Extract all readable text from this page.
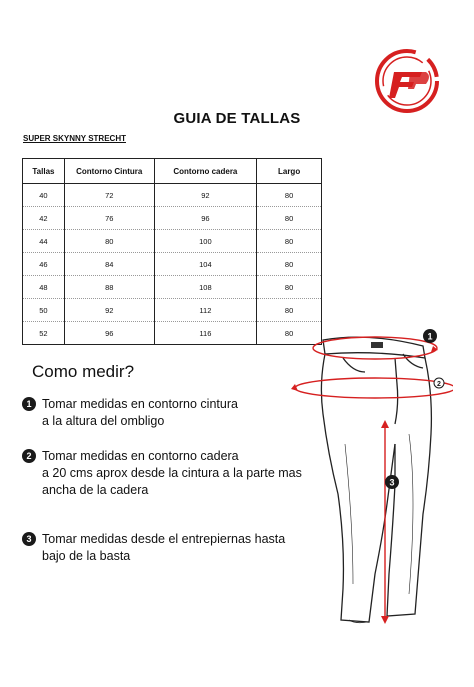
GUIA DE TALLAS
SUPER SKYNNY STRECHT
Tallas	Contorno Cintura	Contorno cadera	Largo
40	72	92	80
42	76	96	80
44	80	100	80
46	84	104	80
48	88	108	80
50	92	112	80
52	96	116	80
Como medir?
1 Tomar medidas en contorno cintura
a la altura del ombligo
2 Tomar medidas en contorno cadera
a 20 cms aprox desde la cintura a la parte mas
ancha de la cadera
3 Tomar medidas desde el entrepiernas hasta
bajo de la basta
1
2
3
